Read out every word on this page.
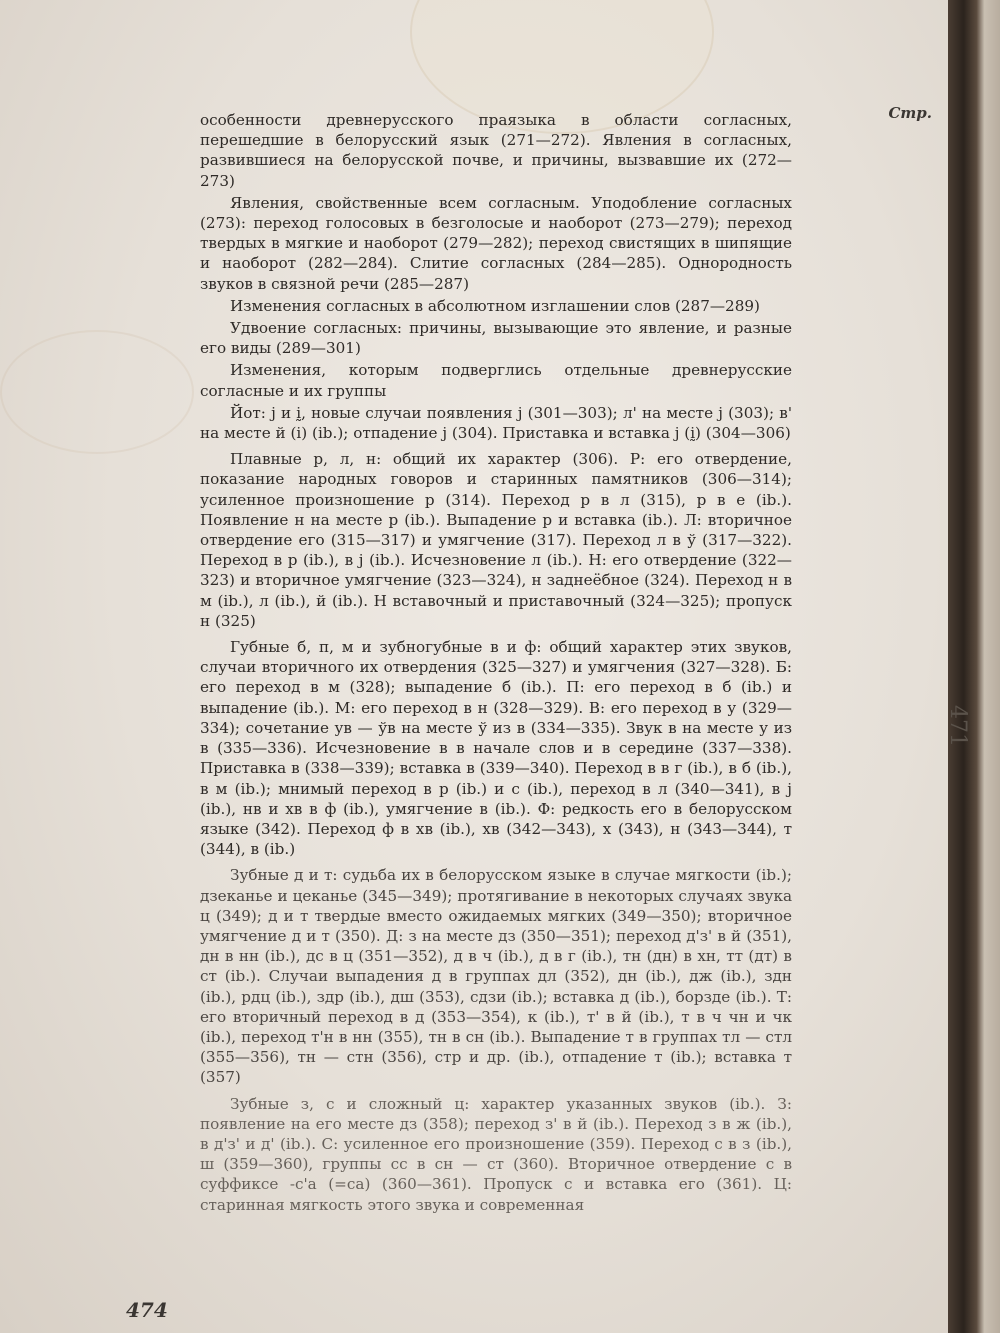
Стр.

особенности древнерусского праязыка в области согласных, перешедшие в белорусский язык (271—272). Явления в согласных, развившиеся на белорусской почве, и причины, вызвавшие их (272—273)

Явления, свойственные всем согласным. Уподобление согласных (273): переход голосовых в безголосые и наоборот (273—279); переход твердых в мягкие и наоборот (279—282); переход свистящих в шипящие и наоборот (282—284). Слитие согласных (284—285). Однородность звуков в связной речи (285—287)

Изменения согласных в абсолютном изглашении слов (287—289)

Удвоение согласных: причины, вызывающие это явление, и разные его виды (289—301)

Изменения, которым подверглись отдельные древнерусские согласные и их группы

Йот: j и ḭ, новые случаи появления j (301—303); л' на месте j (303); в' на месте й (і) (ib.); отпадение j (304). Приставка и вставка j (ḭ) (304—306)

Плавные р, л, н: общий их характер (306). Р: его отвердение, показание народных говоров и старинных памятников (306—314); усиленное произношение р (314). Переход р в л (315), р в е (ib.). Появление н на месте р (ib.). Выпадение р и вставка (ib.). Л: вторичное отвердение его (315—317) и умягчение (317). Переход л в ў (317—322). Переход в р (ib.), в j (ib.). Исчезновение л (ib.). Н: его отвердение (322—323) и вторичное умягчение (323—324), н заднеёбное (324). Переход н в м (ib.), л (ib.), й (ib.). Н вставочный и приставочный (324—325); пропуск н (325)

Губные б, п, м и зубногубные в и ф: общий характер этих звуков, случаи вторичного их отвердения (325—327) и умягчения (327—328). Б: его переход в м (328); выпадение б (ib.). П: его переход в б (ib.) и выпадение (ib.). М: его переход в н (328—329). В: его переход в у (329—334); сочетание ув — ўв на месте ў из в (334—335). Звук в на месте у из в (335—336). Исчезновение в в начале слов и в середине (337—338). Приставка в (338—339); вставка в (339—340). Переход в в г (ib.), в б (ib.), в м (ib.); мнимый переход в р (ib.) и с (ib.), переход в л (340—341), в j (ib.), нв и хв в ф (ib.), умягчение в (ib.). Ф: редкость его в белорусском языке (342). Переход ф в хв (ib.), хв (342—343), х (343), н (343—344), т (344), в (ib.)

Зубные д и т: судьба их в белорусском языке в случае мягкости (ib.); дзеканье и цеканье (345—349); протягивание в некоторых случаях звука ц (349); д и т твердые вместо ожидаемых мягких (349—350); вторичное умягчение д и т (350). Д: з на месте дз (350—351); переход д'з' в й (351), дн в нн (ib.), дс в ц (351—352), д в ч (ib.), д в г (ib.), тн (дн) в хн, тт (дт) в ст (ib.). Случаи выпадения д в группах дл (352), дн (ib.), дж (ib.), здн (ib.), рдц (ib.), здр (ib.), дш (353), сдзи (ib.); вставка д (ib.), борзде (ib.). Т: его вторичный переход в д (353—354), к (ib.), т' в й (ib.), т в ч чн и чк (ib.), переход т'н в нн (355), тн в сн (ib.). Выпадение т в группах тл — стл (355—356), тн — стн (356), стр и др. (ib.), отпадение т (ib.); вставка т (357)

Зубные з, с и сложный ц: характер указанных звуков (ib.). З: появление на его месте дз (358); переход з' в й (ib.). Переход з в ж (ib.), в д'з' и д' (ib.). С: усиленное его произношение (359). Переход с в з (ib.), ш (359—360), группы сс в сн — ст (360). Вторичное отвердение с в суффиксе -с'а (=са) (360—361). Пропуск с и вставка его (361). Ц: старинная мягкость этого звука и современная

474
471
